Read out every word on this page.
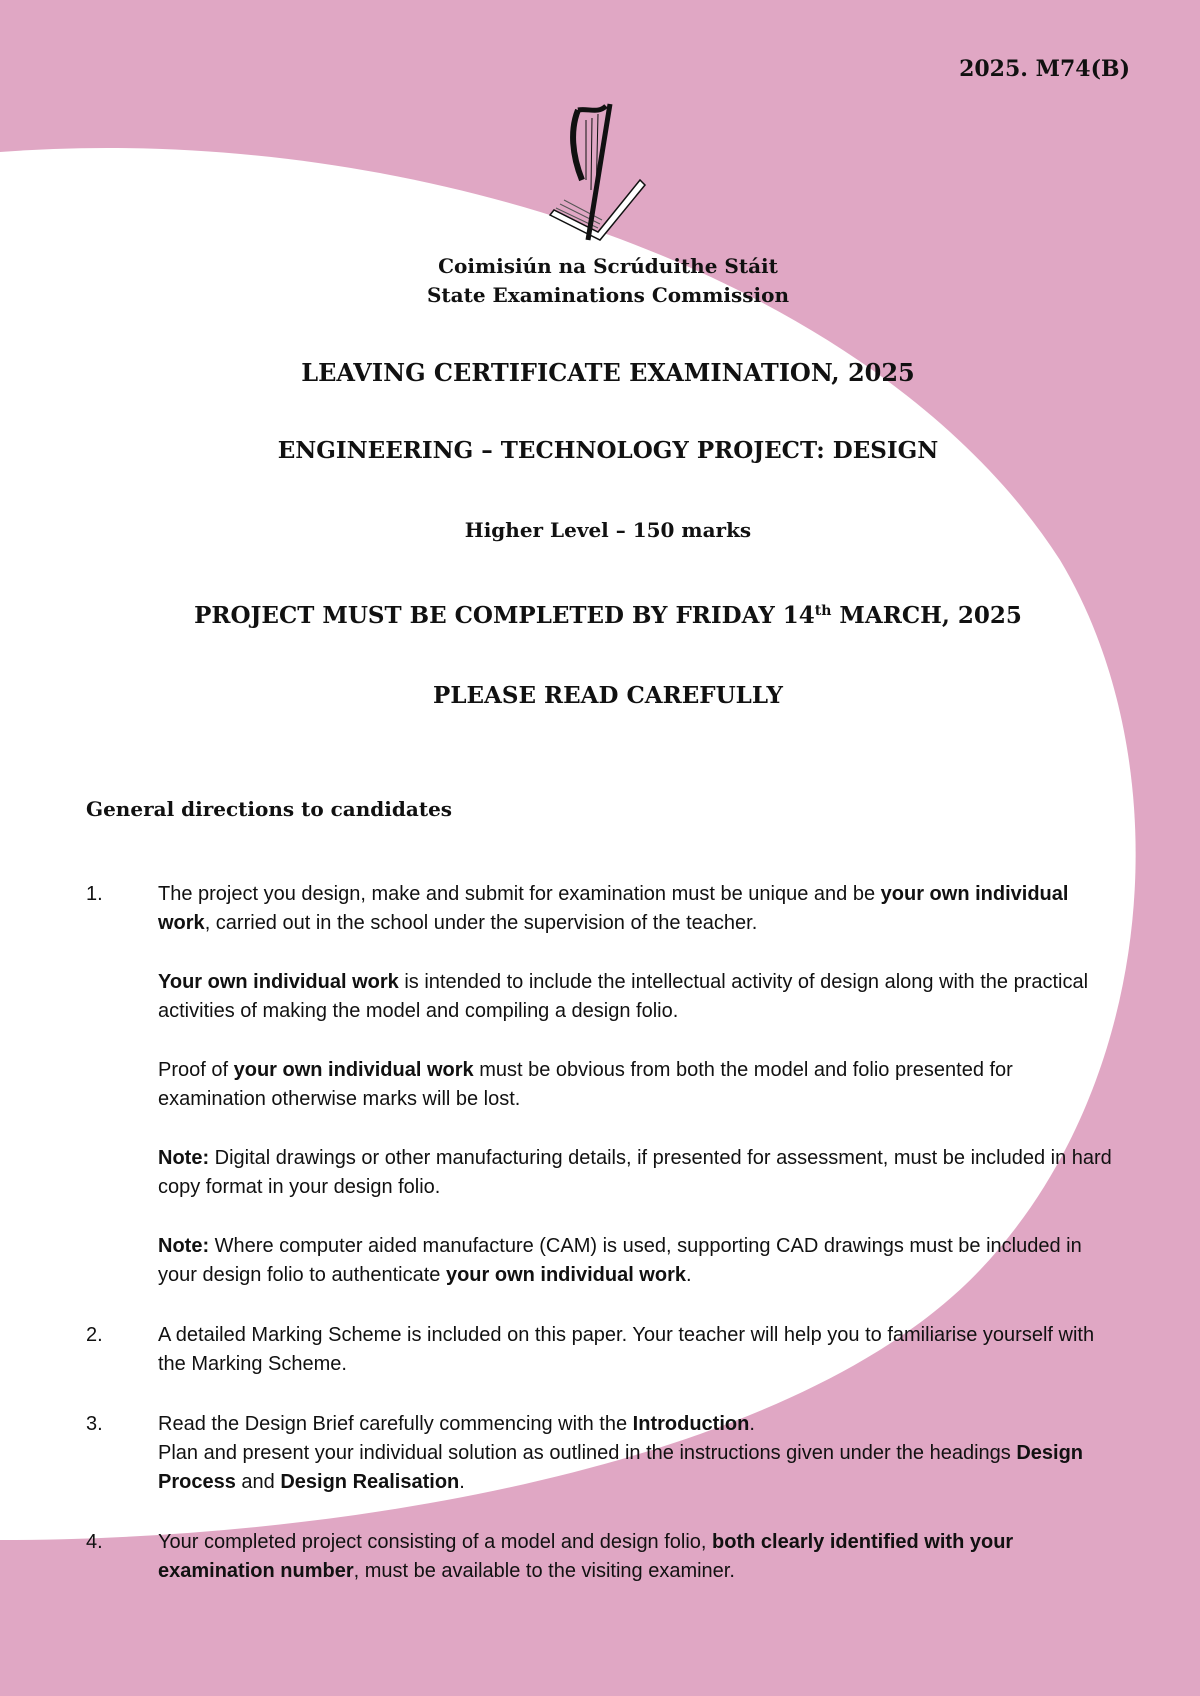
2025. M74(B)
Coimisiún na Scrúduithe Stáit
State Examinations Commission
LEAVING CERTIFICATE EXAMINATION, 2025
ENGINEERING – TECHNOLOGY PROJECT: DESIGN
Higher Level – 150 marks
PROJECT MUST BE COMPLETED BY FRIDAY 14th MARCH, 2025
PLEASE READ CAREFULLY
General directions to candidates
1.	The project you design, make and submit for examination must be unique and be your own individual work, carried out in the school under the supervision of the teacher.
Your own individual work is intended to include the intellectual activity of design along with the practical activities of making the model and compiling a design folio.
Proof of your own individual work must be obvious from both the model and folio presented for examination otherwise marks will be lost.
Note: Digital drawings or other manufacturing details, if presented for assessment, must be included in hard copy format in your design folio.
Note: Where computer aided manufacture (CAM) is used, supporting CAD drawings must be included in your design folio to authenticate your own individual work.
2.	A detailed Marking Scheme is included on this paper. Your teacher will help you to familiarise yourself with the Marking Scheme.
3.	Read the Design Brief carefully commencing with the Introduction.
Plan and present your individual solution as outlined in the instructions given under the headings Design Process and Design Realisation.
4.	Your completed project consisting of a model and design folio, both clearly identified with your examination number, must be available to the visiting examiner.
